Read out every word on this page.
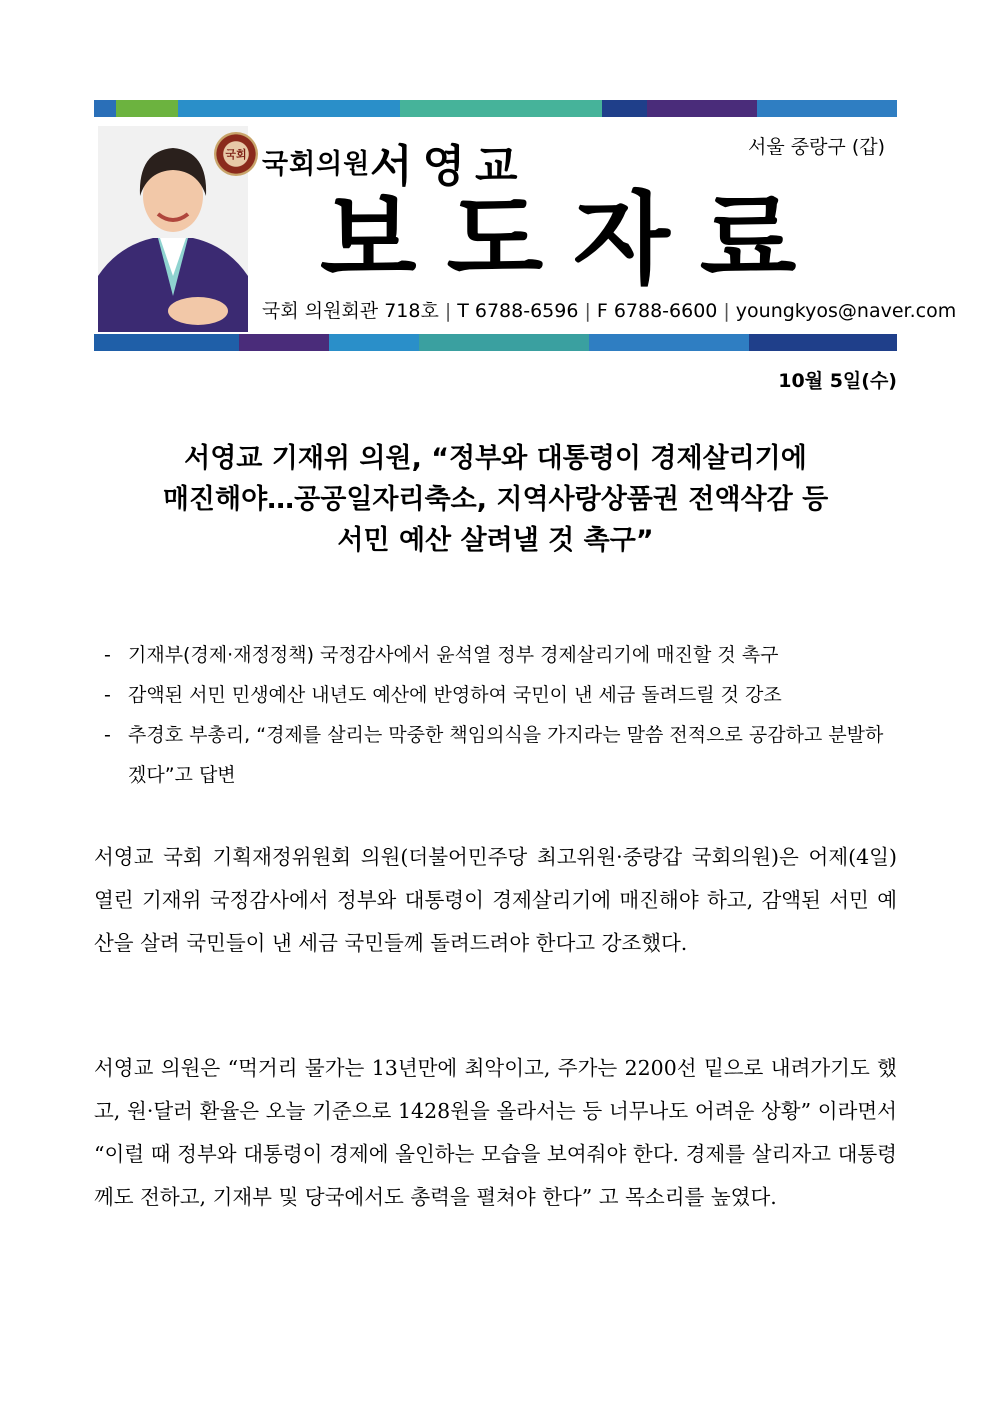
국회 국회의원 서영교	서울 중랑구 (갑)
보도자료
국회 의원회관 718호 | T 6788-6596 | F 6788-6600 | youngkyos@naver.com
10월 5일(수)
서영교 기재위 의원, “정부와 대통령이 경제살리기에
매진해야…공공일자리축소, 지역사랑상품권 전액삭감 등
서민 예산 살려낼 것 촉구”
- 기재부(경제·재정정책) 국정감사에서 윤석열 정부 경제살리기에 매진할 것 촉구
- 감액된 서민 민생예산 내년도 예산에 반영하여 국민이 낸 세금 돌려드릴 것 강조
- 추경호 부총리, “경제를 살리는 막중한 책임의식을 가지라는 말씀 전적으로 공감하고 분발하겠다”고 답변

서영교 국회 기획재정위원회 의원(더불어민주당 최고위원·중랑갑 국회의원)은 어제(4일) 열린 기재위 국정감사에서 정부와 대통령이 경제살리기에 매진해야 하고, 감액된 서민 예산을 살려 국민들이 낸 세금 국민들께 돌려드려야 한다고 강조했다.

서영교 의원은 “먹거리 물가는 13년만에 최악이고, 주가는 2200선 밑으로 내려가기도 했고, 원·달러 환율은 오늘 기준으로 1428원을 올라서는 등 너무나도 어려운 상황” 이라면서 “이럴 때 정부와 대통령이 경제에 올인하는 모습을 보여줘야 한다. 경제를 살리자고 대통령께도 전하고, 기재부 및 당국에서도 총력을 펼쳐야 한다” 고 목소리를 높였다.
